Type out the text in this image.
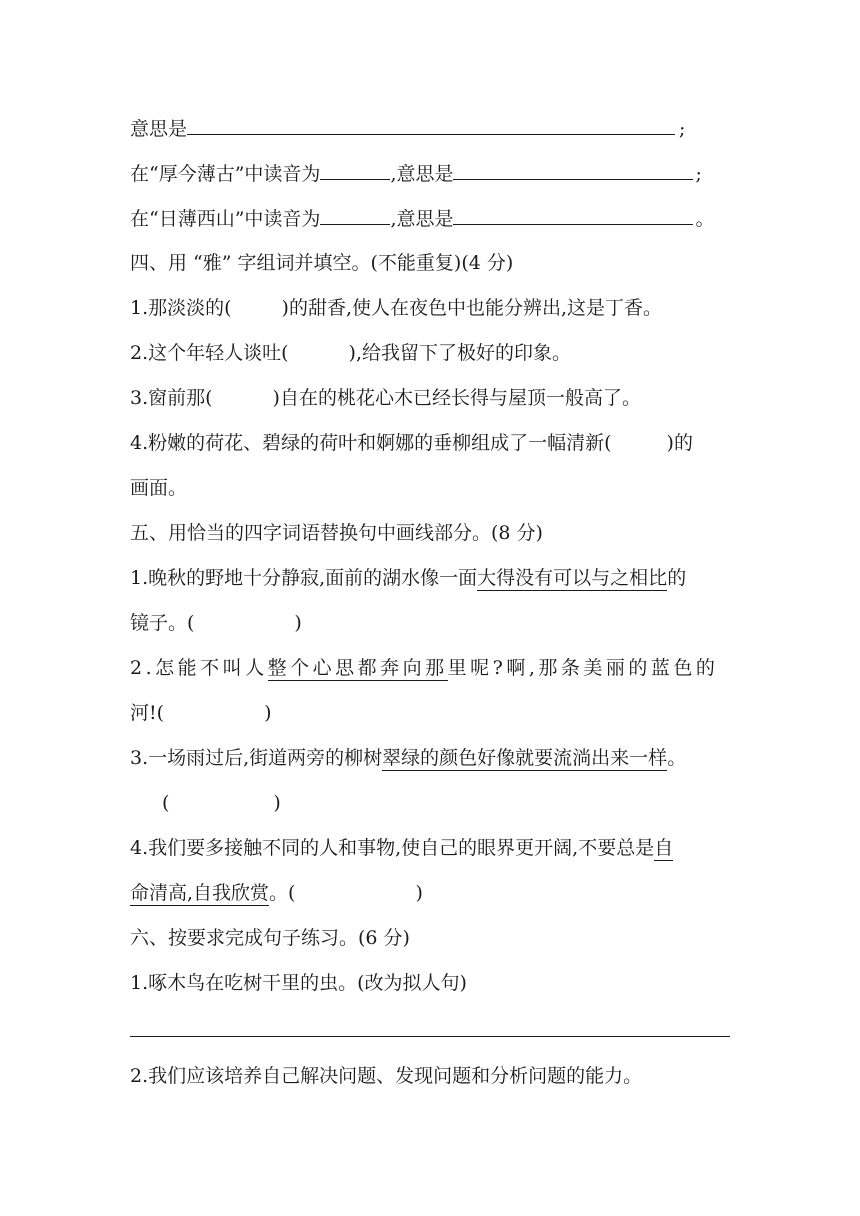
意思是	;
在“厚今薄古”中读音为	,意思是	;
在“日薄西山”中读音为	,意思是	。
四、用 “雅” 字组词并填空。(不能重复)(4 分)
1.那淡淡的(	)的甜香,使人在夜色中也能分辨出,这是丁香。
2.这个年轻人谈吐(	),给我留下了极好的印象。
3.窗前那(	)自在的桃花心木已经长得与屋顶一般高了。
4.粉嫩的荷花、碧绿的荷叶和婀娜的垂柳组成了一幅清新(	)的
画面。
五、用恰当的四字词语替换句中画线部分。(8 分)
1.晚秋的野地十分静寂,面前的湖水像一面大得没有可以与之相比的
镜子。(	)
2.怎能不叫人整个心思都奔向那里呢?啊,那条美丽的蓝色的
河!(	)
3.一场雨过后,街道两旁的柳树翠绿的颜色好像就要流淌出来一样。
(	)
4.我们要多接触不同的人和事物,使自己的眼界更开阔,不要总是自
命清高,自我欣赏。(	)
六、按要求完成句子练习。(6 分)
1.啄木鸟在吃树干里的虫。(改为拟人句)
2.我们应该培养自己解决问题、发现问题和分析问题的能力。
